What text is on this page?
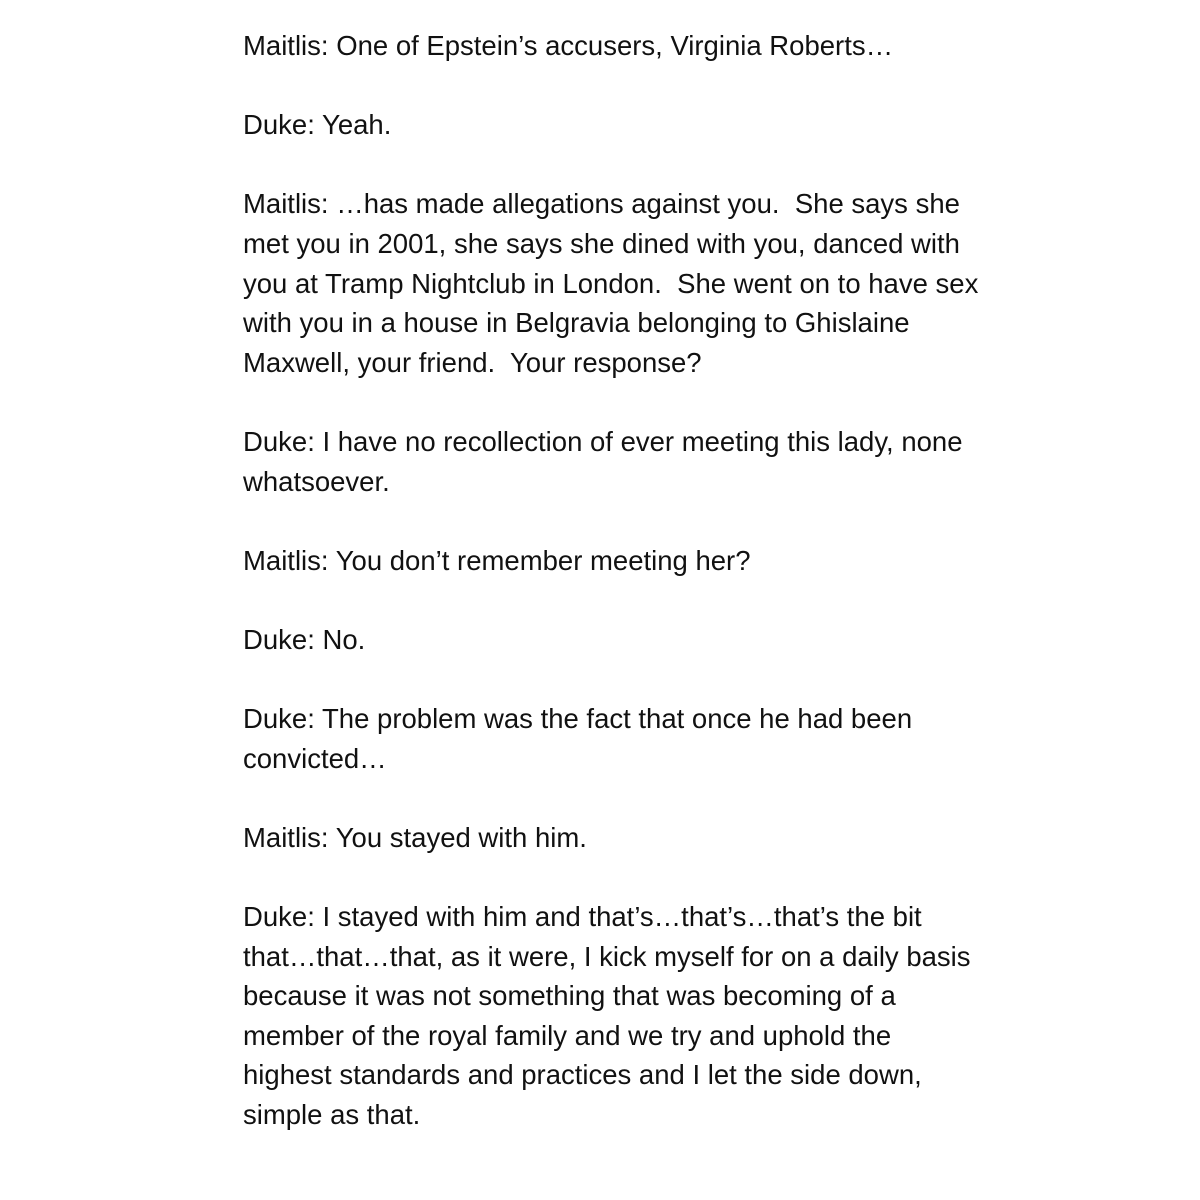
Maitlis: One of Epstein’s accusers, Virginia Roberts…

Duke: Yeah.

Maitlis: …has made allegations against you.  She says she met you in 2001, she says she dined with you, danced with you at Tramp Nightclub in London.  She went on to have sex with you in a house in Belgravia belonging to Ghislaine Maxwell, your friend.  Your response?

Duke: I have no recollection of ever meeting this lady, none whatsoever.

Maitlis: You don’t remember meeting her?

Duke: No.

Duke: The problem was the fact that once he had been convicted…

Maitlis: You stayed with him.

Duke: I stayed with him and that’s…that’s…that’s the bit that…that…that, as it were, I kick myself for on a daily basis because it was not something that was becoming of a member of the royal family and we try and uphold the highest standards and practices and I let the side down, simple as that.
